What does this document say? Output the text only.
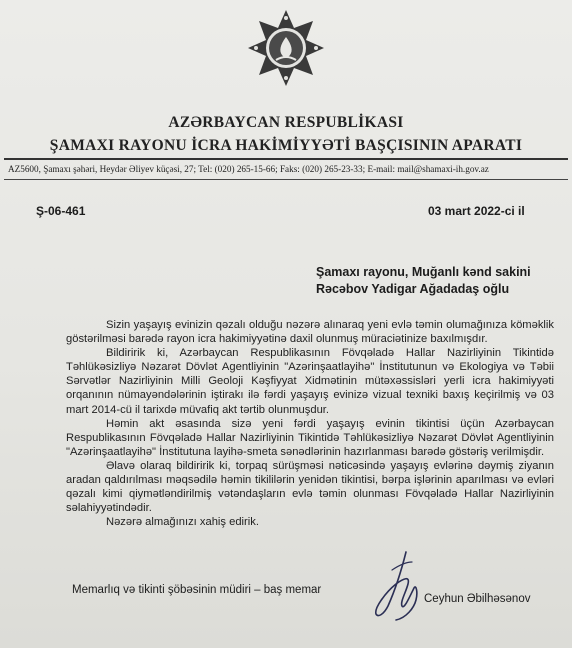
AZƏRBAYCAN RESPUBLİKASI
ŞAMAXI RAYONU İCRA HAKİMİYYƏTİ BAŞÇISININ APARATI
AZ5600, Şamaxı şəhəri, Heydər Əliyev küçəsi, 27; Tel: (020) 265-15-66; Faks: (020) 265-23-33; E-mail: mail@shamaxi-ih.gov.az
Ş-06-461	03 mart 2022-ci il
Şamaxı rayonu, Muğanlı kənd sakini
Rəcəbov Yadigar Ağadadaş oğlu

Sizin yaşayış evinizin qəzalı olduğu nəzərə alınaraq yeni evlə təmin olumağınıza köməklik göstərilməsi barədə rayon icra hakimiyyətinə daxil olunmuş müraciətinize baxılmışdır.

Bildiririk ki, Azərbaycan Respublikasının Fövqəladə Hallar Nazirliyinin Tikintidə Təhlükəsizliyə Nəzarət Dövlət Agentliyinin "Azərinşaatlayihə" İnstitutunun və Ekologiya və Təbii Sərvətlər Nazirliyinin Milli Geoloji Kəşfiyyat Xidmətinin mütəxəssisləri yerli icra hakimiyyəti orqanının nümayəndələrinin iştirakı ilə fərdi yaşayış evinizə vizual texniki baxış keçirilmiş və 03 mart 2014-cü il tarixdə müvafiq akt tərtib olunmuşdur.

Həmin akt əsasında sizə yeni fərdi yaşayış evinin tikintisi üçün Azərbaycan Respublikasının Fövqəladə Hallar Nazirliyinin Tikintidə Təhlükəsizliyə Nəzarət Dövlət Agentliyinin "Azərinşaatlayihə" İnstitutuna layihə-smeta sənədlərinin hazırlanması barədə göstəriş verilmişdir.

Əlavə olaraq bildiririk ki, torpaq sürüşməsi nəticəsində yaşayış evlərinə dəymiş ziyanın aradan qaldırılması məqsədilə həmin tikililərin yenidən tikintisi, bərpa işlərinin aparılması və evləri qəzalı kimi qiymətləndirilmiş vətəndaşların evlə təmin olunması Fövqəladə Hallar Nazirliyinin səlahiyyətindədir.

Nəzərə almağınızı xahiş edirik.

Memarlıq və tikinti şöbəsinin müdiri – baş memar
Ceyhun Əbilhəsənov
